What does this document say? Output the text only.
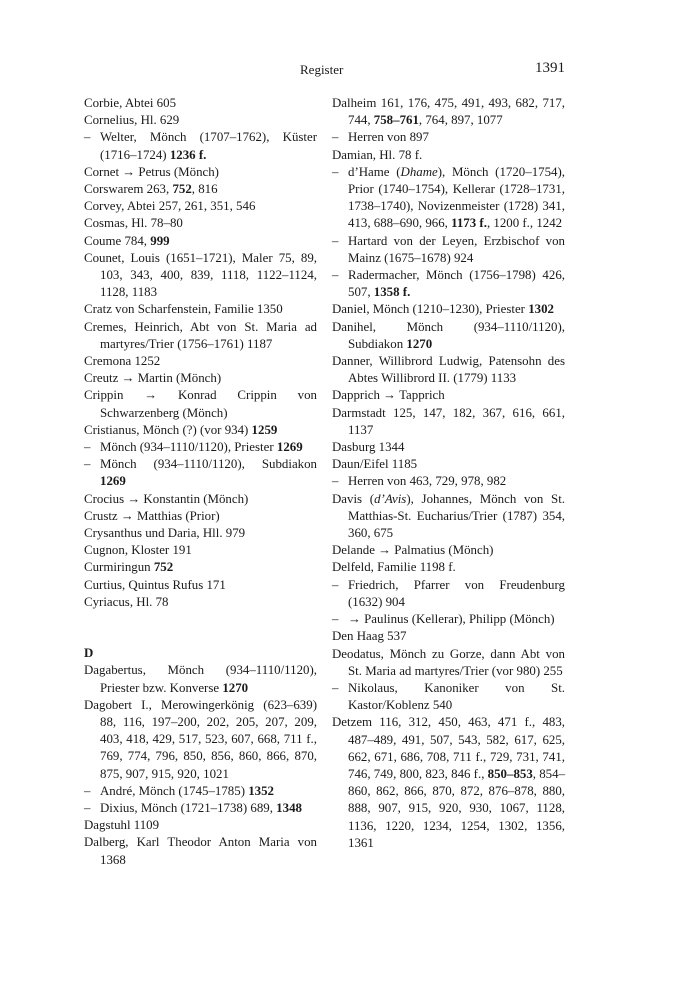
Register	1391
Corbie, Abtei 605
Cornelius, Hl. 629
– Welter, Mönch (1707–1762), Küster (1716–1724) 1236 f.
Cornet → Petrus (Mönch)
Corswarem 263, 752, 816
Corvey, Abtei 257, 261, 351, 546
Cosmas, Hl. 78–80
Coume 784, 999
Counet, Louis (1651–1721), Maler 75, 89, 103, 343, 400, 839, 1118, 1122–1124, 1128, 1183
Cratz von Scharfenstein, Familie 1350
Cremes, Heinrich, Abt von St. Maria ad martyres/Trier (1756–1761) 1187
Cremona 1252
Creutz → Martin (Mönch)
Crippin → Konrad Crippin von Schwarzenberg (Mönch)
Cristianus, Mönch (?) (vor 934) 1259
– Mönch (934–1110/1120), Priester 1269
– Mönch (934–1110/1120), Subdiakon 1269
Crocius → Konstantin (Mönch)
Crustz → Matthias (Prior)
Crysanthus und Daria, Hll. 979
Cugnon, Kloster 191
Curmiringun 752
Curtius, Quintus Rufus 171
Cyriacus, Hl. 78
D
Dagabertus, Mönch (934–1110/1120), Priester bzw. Konverse 1270
Dagobert I., Merowingerkönig (623–639) 88, 116, 197–200, 202, 205, 207, 209, 403, 418, 429, 517, 523, 607, 668, 711 f., 769, 774, 796, 850, 856, 860, 866, 870, 875, 907, 915, 920, 1021
– André, Mönch (1745–1785) 1352
– Dixius, Mönch (1721–1738) 689, 1348
Dagstuhl 1109
Dalberg, Karl Theodor Anton Maria von 1368
Dalheim 161, 176, 475, 491, 493, 682, 717, 744, 758–761, 764, 897, 1077
– Herren von 897
Damian, Hl. 78 f.
– d’Hame (Dhame), Mönch (1720–1754), Prior (1740–1754), Kellerar (1728–1731, 1738–1740), Novizenmeister (1728) 341, 413, 688–690, 966, 1173 f., 1200 f., 1242
– Hartard von der Leyen, Erzbischof von Mainz (1675–1678) 924
– Radermacher, Mönch (1756–1798) 426, 507, 1358 f.
Daniel, Mönch (1210–1230), Priester 1302
Danihel, Mönch (934–1110/1120), Subdiakon 1270
Danner, Willibrord Ludwig, Patensohn des Abtes Willibrord II. (1779) 1133
Dapprich → Tapprich
Darmstadt 125, 147, 182, 367, 616, 661, 1137
Dasburg 1344
Daun/Eifel 1185
– Herren von 463, 729, 978, 982
Davis (d’Avis), Johannes, Mönch von St. Matthias-St. Eucharius/Trier (1787) 354, 360, 675
Delande → Palmatius (Mönch)
Delfeld, Familie 1198 f.
– Friedrich, Pfarrer von Freudenburg (1632) 904
– → Paulinus (Kellerar), Philipp (Mönch)
Den Haag 537
Deodatus, Mönch zu Gorze, dann Abt von St. Maria ad martyres/Trier (vor 980) 255
– Nikolaus, Kanoniker von St. Kastor/Koblenz 540
Detzem 116, 312, 450, 463, 471 f., 483, 487–489, 491, 507, 543, 582, 617, 625, 662, 671, 686, 708, 711 f., 729, 731, 741, 746, 749, 800, 823, 846 f., 850–853, 854–860, 862, 866, 870, 872, 876–878, 880, 888, 907, 915, 920, 930, 1067, 1128, 1136, 1220, 1234, 1254, 1302, 1356, 1361
